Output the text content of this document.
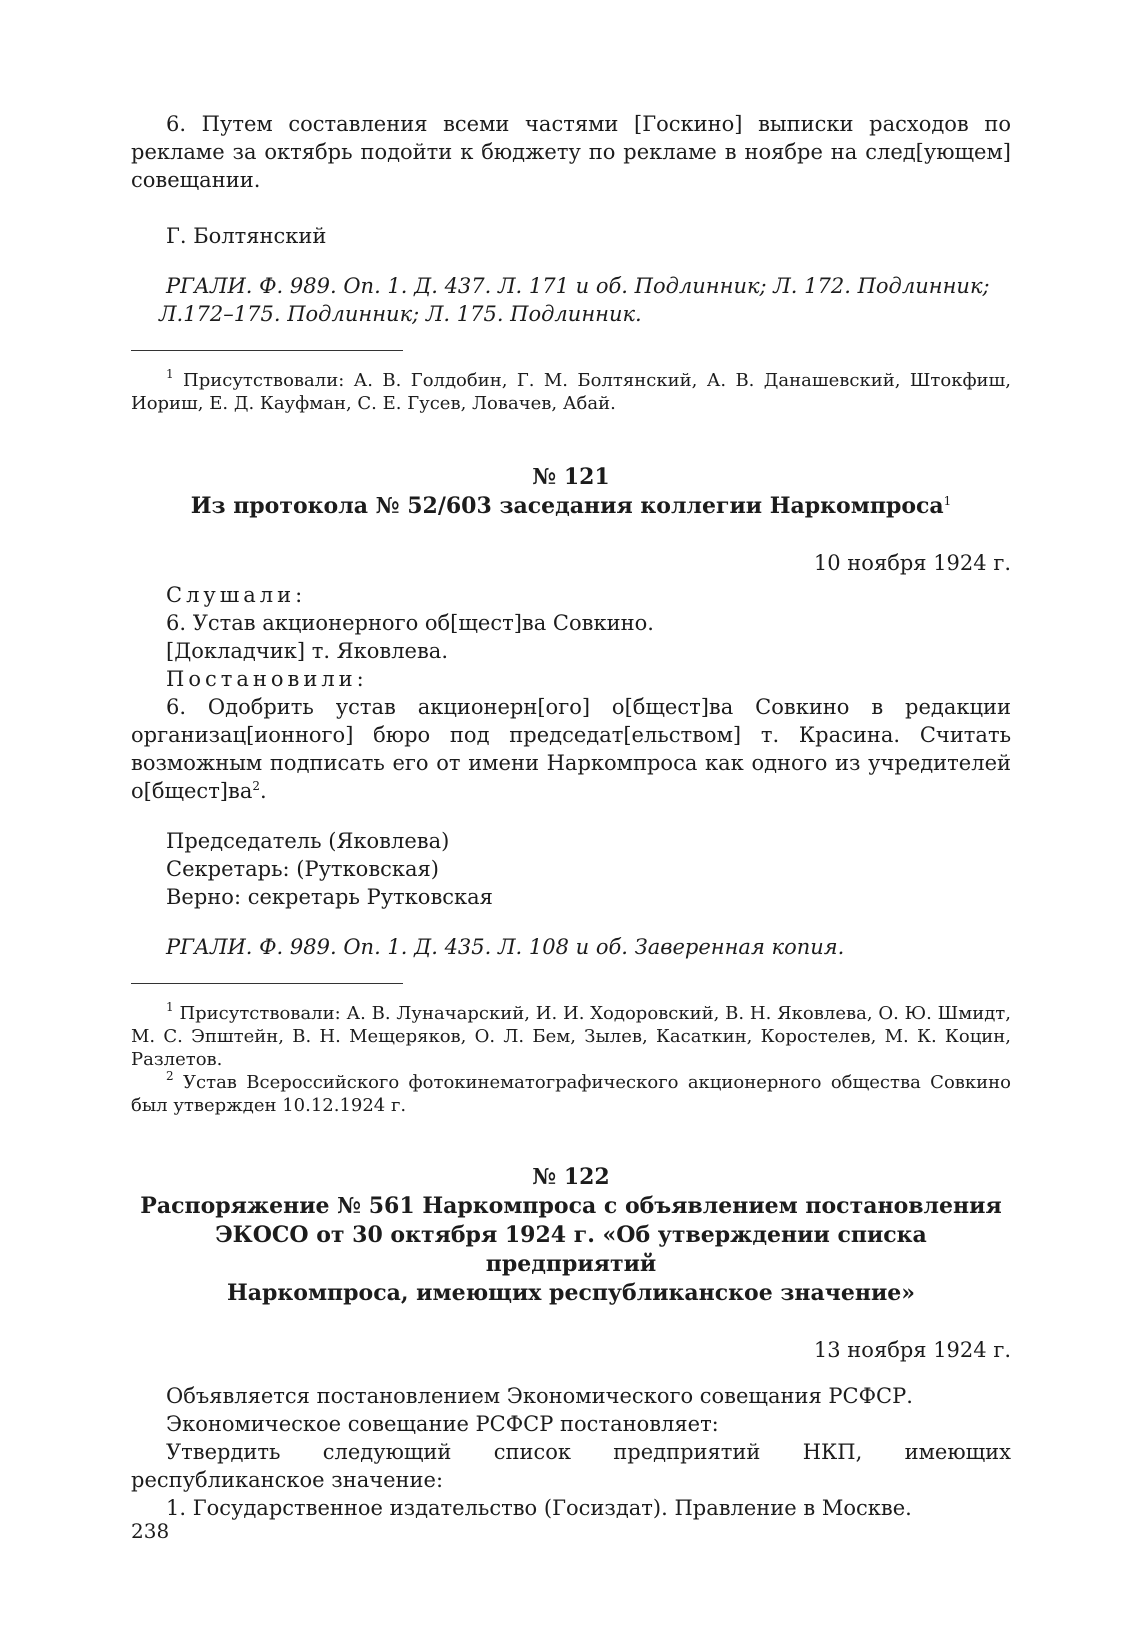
6. Путем составления всеми частями [Госкино] выписки расходов по рекламе за октябрь подойти к бюджету по рекламе в ноябре на след[ующем] совещании.

Г. Болтянский

РГАЛИ. Ф. 989. Оп. 1. Д. 437. Л. 171 и об. Подлинник; Л. 172. Подлинник;

Л.172–175. Подлинник; Л. 175. Подлинник.

$^1$ Присутствовали: А. В. Голдобин, Г. М. Болтянский, А. В. Данашевский, Штокфиш, Иориш, Е. Д. Кауфман, С. Е. Гусев, Ловачев, Абай.

№ 121

Из протокола № 52/603 заседания коллегии Наркомпроса$^1$

10 ноября 1924 г.

Слушали:

6. Устав акционерного об[щест]ва Совкино.

[Докладчик] т. Яковлева.

Постановили:

6. Одобрить устав акционерн[ого] о[бщест]ва Совкино в редакции организац[ионного] бюро под председат[ельством] т. Красина. Считать возможным подписать его от имени Наркомпроса как одного из учредителей $о[бщест]ва^2$.

Председатель (Яковлева)

Секретарь: (Рутковская)

Верно: секретарь Рутковская

РГАЛИ. Ф. 989. Оп. 1. Д. 435. Л. 108 и об. Заверенная копия.

$^1$ Присутствовали: А. В. Луначарский, И. И. Ходоровский, В. Н. Яковлева, О. Ю. Шмидт, М. С. Эпштейн, В. Н. Мещеряков, О. Л. Бем, Зылев, Касаткин, Коростелев, М. К. Коцин, Разлетов.

$^2$ Устав Всероссийского фотокинематографического акционерного общества Совкино был утвержден 10.12.1924 г.

№ 122

Распоряжение № 561 Наркомпроса с объявлением постановления

ЭКОСО от 30 октября 1924 г. «Об утверждении списка предприятий

Наркомпроса, имеющих республиканское значение»

13 ноября 1924 г.

Объявляется постановлением Экономического совещания РСФСР.

Экономическое совещание РСФСР постановляет:

Утвердить следующий список предприятий НКП, имеющих республиканское значение:

1. Государственное издательство (Госиздат). Правление в Москве.

238
